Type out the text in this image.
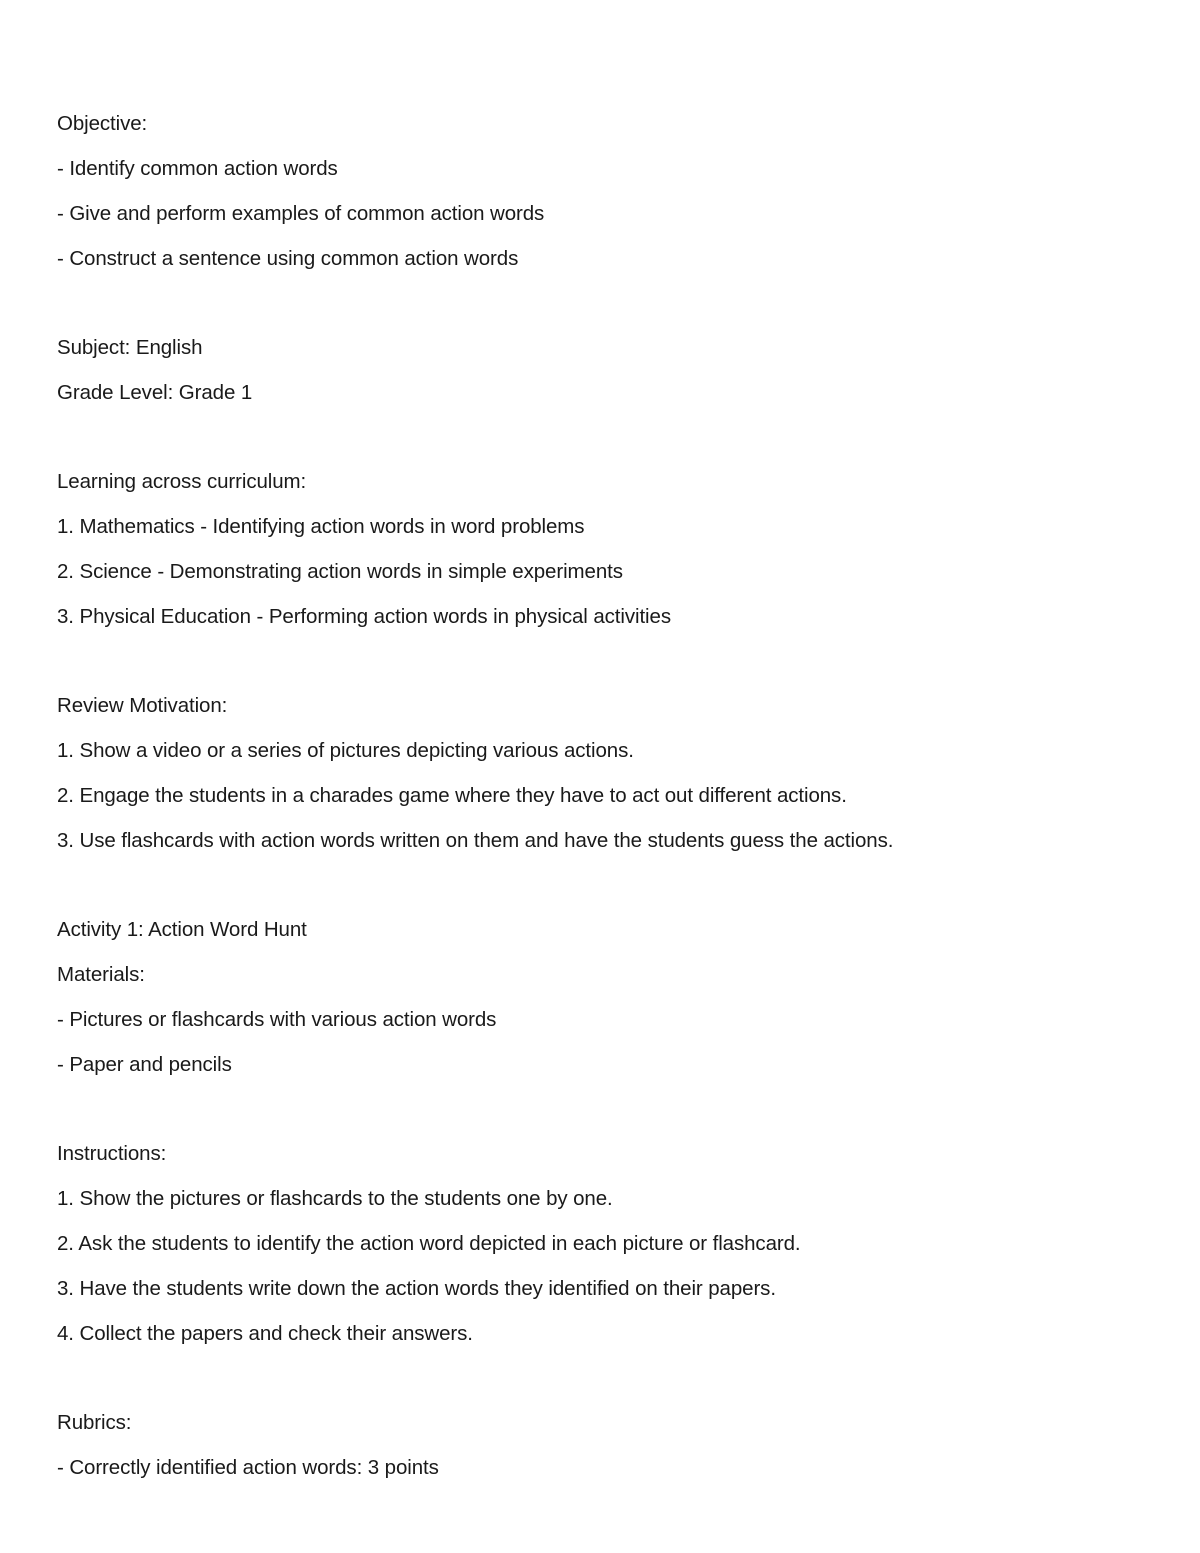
Objective:
- Identify common action words
- Give and perform examples of common action words
- Construct a sentence using common action words
Subject: English
Grade Level: Grade 1
Learning across curriculum:
1. Mathematics - Identifying action words in word problems
2. Science - Demonstrating action words in simple experiments
3. Physical Education - Performing action words in physical activities
Review Motivation:
1. Show a video or a series of pictures depicting various actions.
2. Engage the students in a charades game where they have to act out different actions.
3. Use flashcards with action words written on them and have the students guess the actions.
Activity 1: Action Word Hunt
Materials:
- Pictures or flashcards with various action words
- Paper and pencils
Instructions:
1. Show the pictures or flashcards to the students one by one.
2. Ask the students to identify the action word depicted in each picture or flashcard.
3. Have the students write down the action words they identified on their papers.
4. Collect the papers and check their answers.
Rubrics:
- Correctly identified action words: 3 points
